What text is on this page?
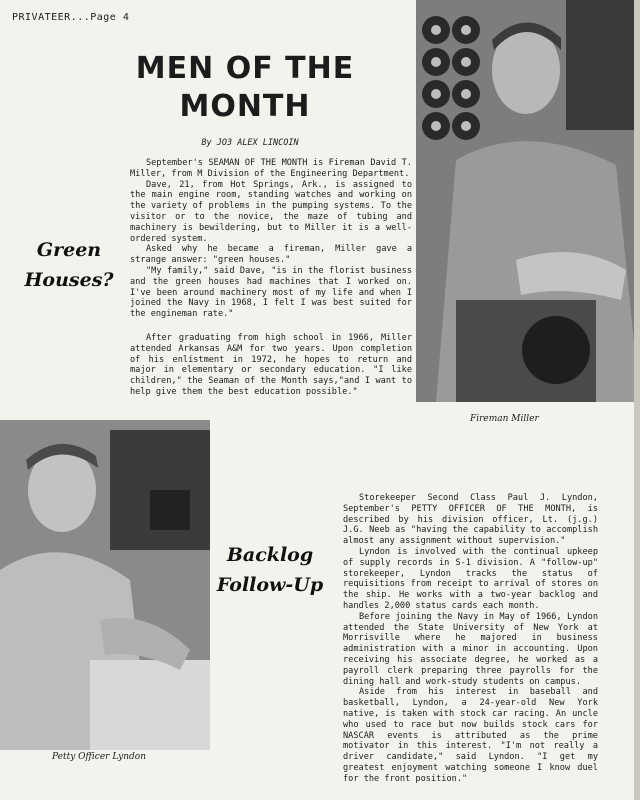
PRIVATEER...Page 4
MEN OF THE
MONTH
By JO3 ALEX LINCOIN

September's SEAMAN OF THE MONTH is Fireman David T. Miller, from M Division of the Engineering Department.

Dave, 21, from Hot Springs, Ark., is assigned to the main engine room, standing watches and working on the variety of problems in the pumping systems. To the visitor or to the novice, the maze of tubing and machinery is bewildering, but to Miller it is a well-ordered system.

Asked why he became a fireman, Miller gave a strange answer: "green houses."

"My family," said Dave, "is in the florist business and the green houses had machines that I worked on. I've been around machinery most of my life and when I joined the Navy in 1968, I felt I was best suited for the engineman rate."

After graduating from high school in 1966, Miller attended Arkansas A&M for two years. Upon completion of his enlistment in 1972, he hopes to return and major in elementary or secondary education. "I like children," the Seaman of the Month says,"and I want to help give them the best education possible."

Green
Houses?
Backlog
Follow-Up
Fireman Miller
Petty Officer Lyndon

Storekeeper Second Class Paul J. Lyndon, September's PETTY OFFICER OF THE MONTH, is described by his division officer, Lt. (j.g.) J.G. Neeb as "having the capability to accomplish almost any assignment without supervision."

Lyndon is involved with the continual upkeep of supply records in S-1 division. A "follow-up" storekeeper, Lyndon tracks the status of requisitions from receipt to arrival of stores on the ship. He works with a two-year backlog and handles 2,000 status cards each month.

Before joining the Navy in May of 1966, Lyndon attended the State University of New York at Morrisville where he majored in business administration with a minor in accounting. Upon receiving his associate degree, he worked as a payroll clerk preparing three payrolls for the dining hall and work-study students on campus.

Aside from his interest in baseball and basketball, Lyndon, a 24-year-old New York native, is taken with stock car racing. An uncle who used to race but now builds stock cars for NASCAR events is attributed as the prime motivator in this interest. "I'm not really a driver candidate," said Lyndon. "I get my greatest enjoyment watching someone I know duel for the front position."
